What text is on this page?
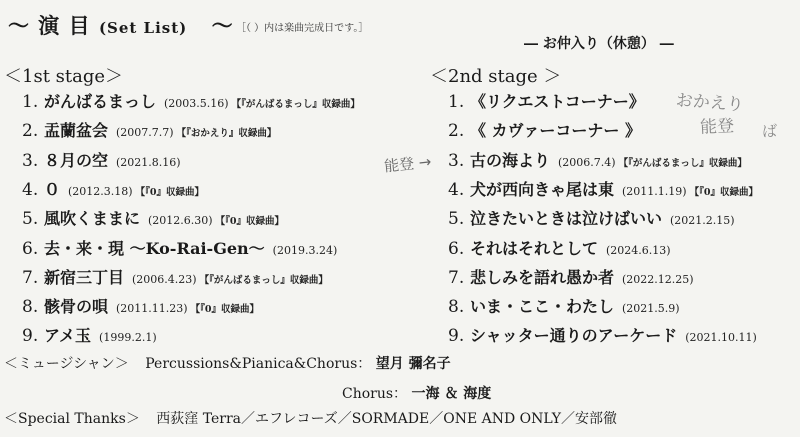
～ 演 目 (Set List) ～ ［（ ）内は楽曲完成日です。］
― お仲入り（休憩） ―
＜1st stage＞	＜2nd stage ＞
1. がんばるまっし (2003.5.16) 【『がんばるまっし』収録曲】
2. 盂蘭盆会 (2007.7.7) 【『おかえり』収録曲】
3. ８月の空 (2021.8.16)
4. ０ (2012.3.18) 【『0』収録曲】
5. 風吹くままに (2012.6.30) 【『0』収録曲】
6. 去・来・現 ～Ko-Rai-Gen～ (2019.3.24)
7. 新宿三丁目 (2006.4.23) 【『がんばるまっし』収録曲】
8. 骸骨の唄 (2011.11.23) 【『0』収録曲】
9. アメ玉 (1999.2.1)
1. 《リクエストコーナー》
2. 《 カヴァーコーナー 》
3. 古の海より (2006.7.4) 【『がんばるまっし』収録曲】
4. 犬が西向きゃ尾は東 (2011.1.19) 【『0』収録曲】
5. 泣きたいときは泣けばいい (2021.2.15)
6. それはそれとして (2024.6.13)
7. 悲しみを語れ愚か者 (2022.12.25)
8. いま・ここ・わたし (2021.5.9)
9. シャッター通りのアーケード (2021.10.11)
おかえり
能登 ば
能登 →
＜ミュージシャン＞ Percussions&Pianica&Chorus： 望月 彌名子
Chorus： 一海 ＆ 海度
＜Special Thanks＞ 西荻窪 Terra／エフレコーズ／SORMADE／ONE AND ONLY／安部徹
